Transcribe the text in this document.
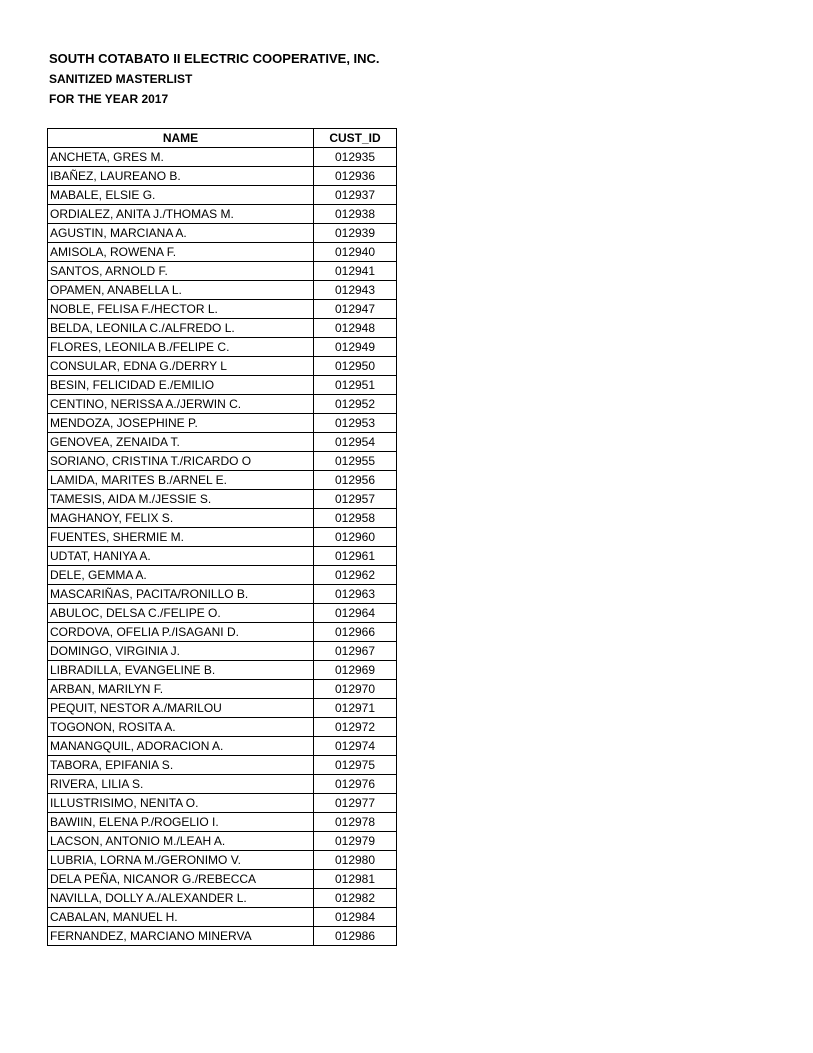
SOUTH COTABATO II ELECTRIC COOPERATIVE, INC.
SANITIZED MASTERLIST
FOR THE YEAR 2017
NAME	CUST_ID
ANCHETA, GRES M.	012935
IBAÑEZ, LAUREANO B.	012936
MABALE, ELSIE G.	012937
ORDIALEZ, ANITA J./THOMAS M.	012938
AGUSTIN, MARCIANA A.	012939
AMISOLA, ROWENA F.	012940
SANTOS, ARNOLD F.	012941
OPAMEN, ANABELLA L.	012943
NOBLE, FELISA F./HECTOR L.	012947
BELDA, LEONILA C./ALFREDO L.	012948
FLORES, LEONILA B./FELIPE C.	012949
CONSULAR, EDNA G./DERRY L	012950
BESIN, FELICIDAD E./EMILIO	012951
CENTINO, NERISSA A./JERWIN C.	012952
MENDOZA, JOSEPHINE P.	012953
GENOVEA, ZENAIDA T.	012954
SORIANO, CRISTINA T./RICARDO O	012955
LAMIDA, MARITES B./ARNEL E.	012956
TAMESIS, AIDA M./JESSIE S.	012957
MAGHANOY, FELIX S.	012958
FUENTES, SHERMIE M.	012960
UDTAT, HANIYA A.	012961
DELE, GEMMA A.	012962
MASCARIÑAS, PACITA/RONILLO B.	012963
ABULOC, DELSA C./FELIPE O.	012964
CORDOVA, OFELIA P./ISAGANI D.	012966
DOMINGO, VIRGINIA J.	012967
LIBRADILLA, EVANGELINE B.	012969
ARBAN, MARILYN F.	012970
PEQUIT, NESTOR A./MARILOU	012971
TOGONON, ROSITA A.	012972
MANANGQUIL, ADORACION A.	012974
TABORA, EPIFANIA S.	012975
RIVERA, LILIA S.	012976
ILLUSTRISIMO, NENITA O.	012977
BAWIIN, ELENA P./ROGELIO I.	012978
LACSON, ANTONIO M./LEAH A.	012979
LUBRIA, LORNA M./GERONIMO V.	012980
DELA PEÑA, NICANOR G./REBECCA	012981
NAVILLA, DOLLY A./ALEXANDER L.	012982
CABALAN, MANUEL H.	012984
FERNANDEZ, MARCIANO MINERVA	012986
